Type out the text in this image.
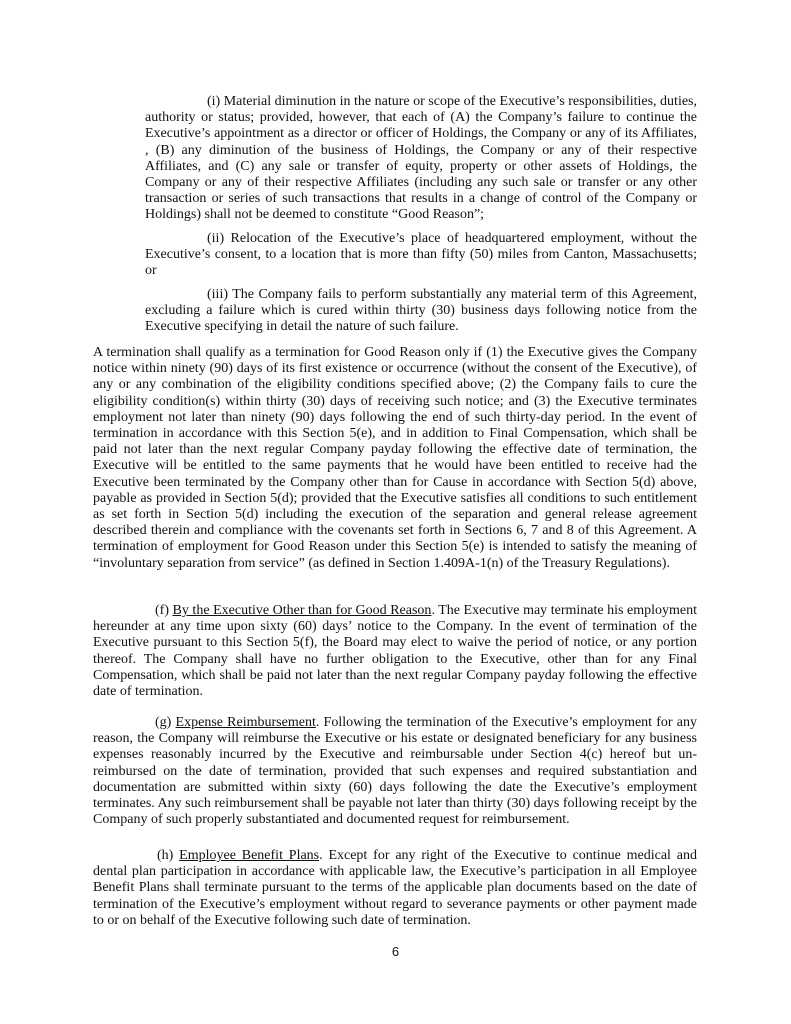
(i) Material diminution in the nature or scope of the Executive’s responsibilities, duties, authority or status; provided, however, that each of (A) the Company’s failure to continue the Executive’s appointment as a director or officer of Holdings, the Company or any of its Affiliates, , (B) any diminution of the business of Holdings, the Company or any of their respective Affiliates, and (C) any sale or transfer of equity, property or other assets of Holdings, the Company or any of their respective Affiliates (including any such sale or transfer or any other transaction or series of such transactions that results in a change of control of the Company or Holdings) shall not be deemed to constitute “Good Reason”;

(ii) Relocation of the Executive’s place of headquartered employment, without the Executive’s consent, to a location that is more than fifty (50) miles from Canton, Massachusetts; or

(iii) The Company fails to perform substantially any material term of this Agreement, excluding a failure which is cured within thirty (30) business days following notice from the Executive specifying in detail the nature of such failure.

A termination shall qualify as a termination for Good Reason only if (1) the Executive gives the Company notice within ninety (90) days of its first existence or occurrence (without the consent of the Executive), of any or any combination of the eligibility conditions specified above; (2) the Company fails to cure the eligibility condition(s) within thirty (30) days of receiving such notice; and (3) the Executive terminates employment not later than ninety (90) days following the end of such thirty-day period. In the event of termination in accordance with this Section 5(e), and in addition to Final Compensation, which shall be paid not later than the next regular Company payday following the effective date of termination, the Executive will be entitled to the same payments that he would have been entitled to receive had the Executive been terminated by the Company other than for Cause in accordance with Section 5(d) above, payable as provided in Section 5(d); provided that the Executive satisfies all conditions to such entitlement as set forth in Section 5(d) including the execution of the separation and general release agreement described therein and compliance with the covenants set forth in Sections 6, 7 and 8 of this Agreement. A termination of employment for Good Reason under this Section 5(e) is intended to satisfy the meaning of “involuntary separation from service” (as defined in Section 1.409A-1(n) of the Treasury Regulations).

(f) By the Executive Other than for Good Reason. The Executive may terminate his employment hereunder at any time upon sixty (60) days’ notice to the Company. In the event of termination of the Executive pursuant to this Section 5(f), the Board may elect to waive the period of notice, or any portion thereof. The Company shall have no further obligation to the Executive, other than for any Final Compensation, which shall be paid not later than the next regular Company payday following the effective date of termination.

(g) Expense Reimbursement. Following the termination of the Executive’s employment for any reason, the Company will reimburse the Executive or his estate or designated beneficiary for any business expenses reasonably incurred by the Executive and reimbursable under Section 4(c) hereof but un-reimbursed on the date of termination, provided that such expenses and required substantiation and documentation are submitted within sixty (60) days following the date the Executive’s employment terminates. Any such reimbursement shall be payable not later than thirty (30) days following receipt by the Company of such properly substantiated and documented request for reimbursement.

(h) Employee Benefit Plans. Except for any right of the Executive to continue medical and dental plan participation in accordance with applicable law, the Executive’s participation in all Employee Benefit Plans shall terminate pursuant to the terms of the applicable plan documents based on the date of termination of the Executive’s employment without regard to severance payments or other payment made to or on behalf of the Executive following such date of termination.

6
